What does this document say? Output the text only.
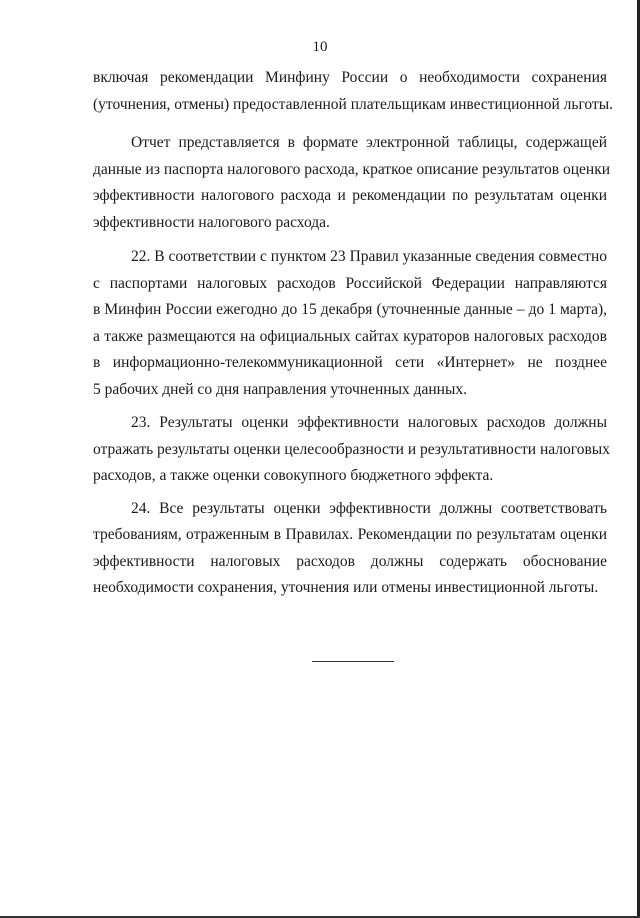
10

включая рекомендации Минфину России о необходимости сохранения
(уточнения, отмены) предоставленной плательщикам инвестиционной льготы.

Отчет представляется в формате электронной таблицы, содержащей
данные из паспорта налогового расхода, краткое описание результатов оценки
эффективности налогового расхода и рекомендации по результатам оценки
эффективности налогового расхода.

22. В соответствии с пунктом 23 Правил указанные сведения совместно
с паспортами налоговых расходов Российской Федерации направляются
в Минфин России ежегодно до 15 декабря (уточненные данные – до 1 марта),
а также размещаются на официальных сайтах кураторов налоговых расходов
в информационно-телекоммуникационной сети «Интернет» не позднее
5 рабочих дней со дня направления уточненных данных.

23. Результаты оценки эффективности налоговых расходов должны
отражать результаты оценки целесообразности и результативности налоговых
расходов, а также оценки совокупного бюджетного эффекта.

24. Все результаты оценки эффективности должны соответствовать
требованиям, отраженным в Правилах. Рекомендации по результатам оценки
эффективности налоговых расходов должны содержать обоснование
необходимости сохранения, уточнения или отмены инвестиционной льготы.
